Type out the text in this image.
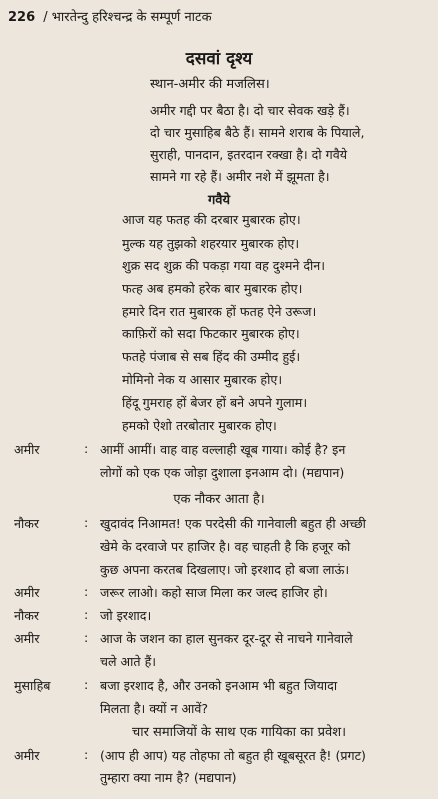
226 / भारतेन्दु हरिश्चन्द्र के सम्पूर्ण नाटक
दसवां दृश्य
स्थान-अमीर की मजलिस।
अमीर गद्दी पर बैठा है। दो चार सेवक खड़े हैं।
दो चार मुसाहिब बैठे हैं। सामने शराब के पियाले,
सुराही, पानदान, इतरदान रक्खा है। दो गवैये
सामने गा रहे हैं। अमीर नशे में झूमता है।
गवैये
आज यह फतह की दरबार मुबारक होए।
मुल्क यह तुझको शहरयार मुबारक होए।
शुक्र सद शुक्र की पकड़ा गया वह दुश्मने दीन।
फत्ह अब हमको हरेक बार मुबारक होए।
हमारे दिन रात मुबारक हों फतह ऐने उरूज।
काफ़िरों को सदा फिटकार मुबारक होए।
फतहे पंजाब से सब हिंद की उम्मीद हुई।
मोमिनो नेक य आसार मुबारक होए।
हिंदू गुमराह हों बेजर हों बने अपने गुलाम।
हमको ऐशो तरबोतार मुबारक होए।
अमीर	: आमीं आमीं। वाह वाह वल्लाही खूब गाया। कोई है? इन
लोगों को एक एक जोड़ा दुशाला इनआम दो। (मद्यपान)
एक नौकर आता है।
नौकर	: खुदावंद निआमत! एक परदेसी की गानेवाली बहुत ही अच्छी
खेमे के दरवाजे पर हाजिर है। वह चाहती है कि हजूर को
कुछ अपना करतब दिखलाए। जो इरशाद हो बजा लाऊं।
अमीर	: जरूर लाओ। कहो साज मिला कर जल्द हाजिर हो।
नौकर	: जो इरशाद।
अमीर	: आज के जशन का हाल सुनकर दूर-दूर से नाचने गानेवाले
चले आते हैं।
मुसाहिब	: बजा इरशाद है, और उनको इनआम भी बहुत जियादा
मिलता है। क्यों न आवें?
चार समाजियों के साथ एक गायिका का प्रवेश।
अमीर	: (आप ही आप) यह तोहफा तो बहुत ही खूबसूरत है! (प्रगट)
तुम्हारा क्या नाम है? (मद्यपान)
